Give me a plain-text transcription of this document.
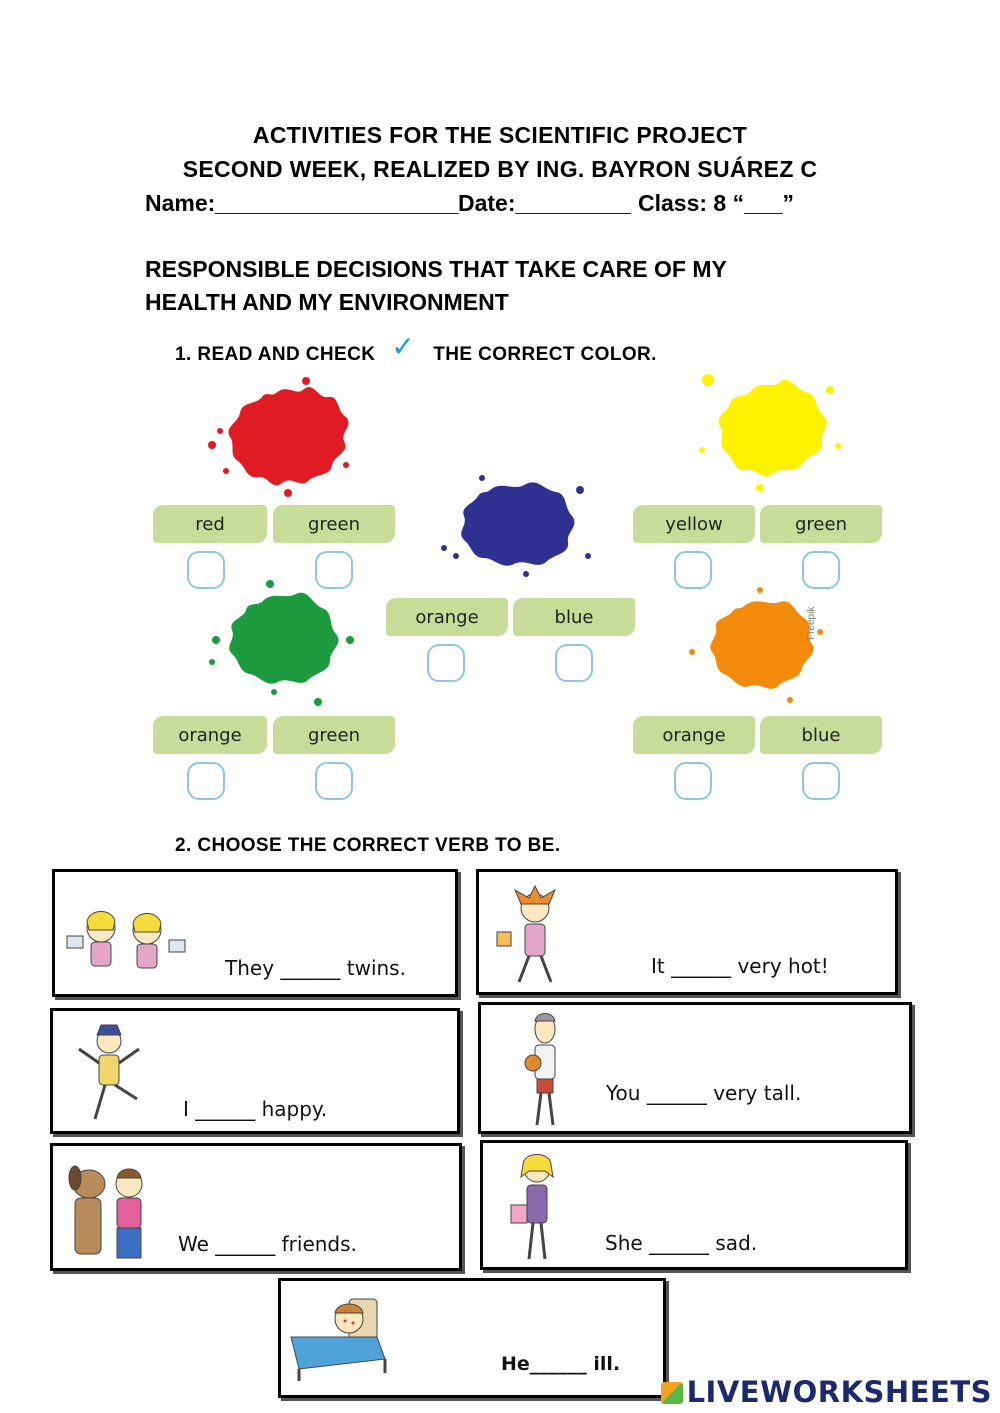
ACTIVITIES FOR THE SCIENTIFIC PROJECT
SECOND WEEK, REALIZED BY ING. BAYRON SUÁREZ C
Name:___________________ Date:_________ Class: 8 “___”
RESPONSIBLE DECISIONS THAT TAKE CARE OF MY
HEALTH AND MY ENVIRONMENT
1. READ AND CHECK ✓ THE CORRECT COLOR.
Freepik
red	green
orange	blue
yellow	green
orange	green	orange	blue
2. CHOOSE THE CORRECT VERB TO BE.
They ______ twins.	It ______ very hot!
I ______ happy.
You ______ very tall.
We ______ friends.	She ______ sad.
He______ ill.
LIVEWORKSHEETS
